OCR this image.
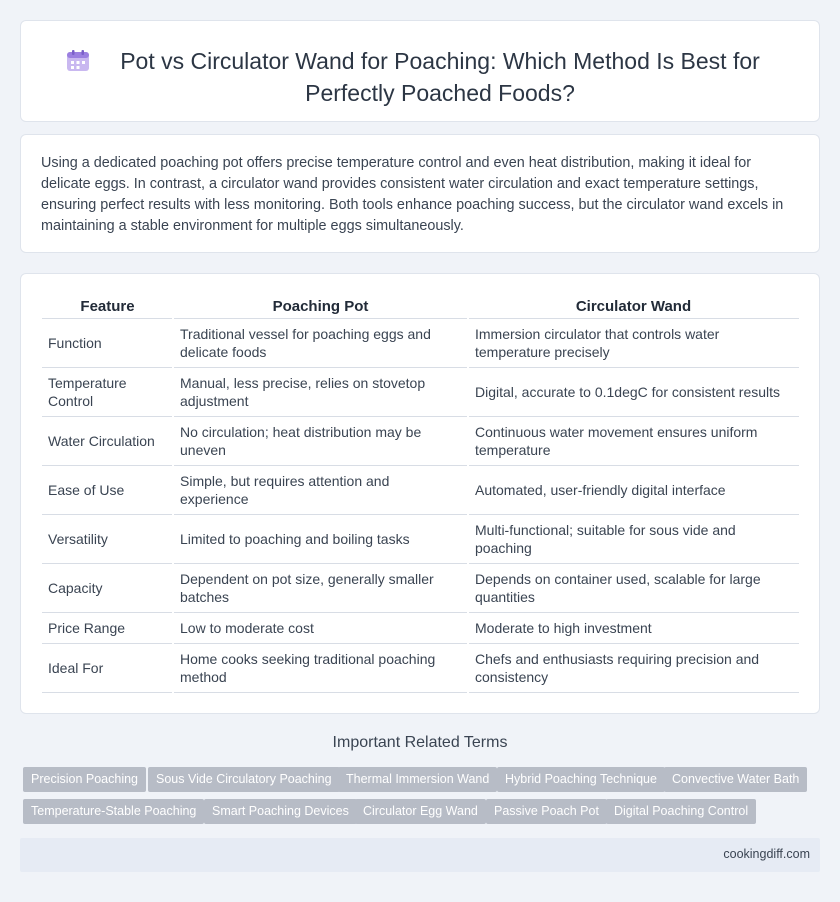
Pot vs Circulator Wand for Poaching: Which Method Is Best for Perfectly Poached Foods?

Using a dedicated poaching pot offers precise temperature control and even heat distribution, making it ideal for delicate eggs. In contrast, a circulator wand provides consistent water circulation and exact temperature settings, ensuring perfect results with less monitoring. Both tools enhance poaching success, but the circulator wand excels in maintaining a stable environment for multiple eggs simultaneously.

Feature	Poaching Pot	Circulator Wand
Function	Traditional vessel for poaching eggs and delicate foods	Immersion circulator that controls water temperature precisely
Temperature Control	Manual, less precise, relies on stovetop adjustment	Digital, accurate to 0.1degC for consistent results
Water Circulation	No circulation; heat distribution may be uneven	Continuous water movement ensures uniform temperature
Ease of Use	Simple, but requires attention and experience	Automated, user-friendly digital interface
Versatility	Limited to poaching and boiling tasks	Multi-functional; suitable for sous vide and poaching
Capacity	Dependent on pot size, generally smaller batches	Depends on container used, scalable for large quantities
Price Range	Low to moderate cost	Moderate to high investment
Ideal For	Home cooks seeking traditional poaching method	Chefs and enthusiasts requiring precision and consistency
Important Related Terms
Precision Poaching	Sous Vide Circulatory Poaching	Thermal Immersion Wand	Hybrid Poaching Technique	Convective Water Bath
Temperature-Stable Poaching	Smart Poaching Devices	Circulator Egg Wand	Passive Poach Pot	Digital Poaching Control
cookingdiff.com
